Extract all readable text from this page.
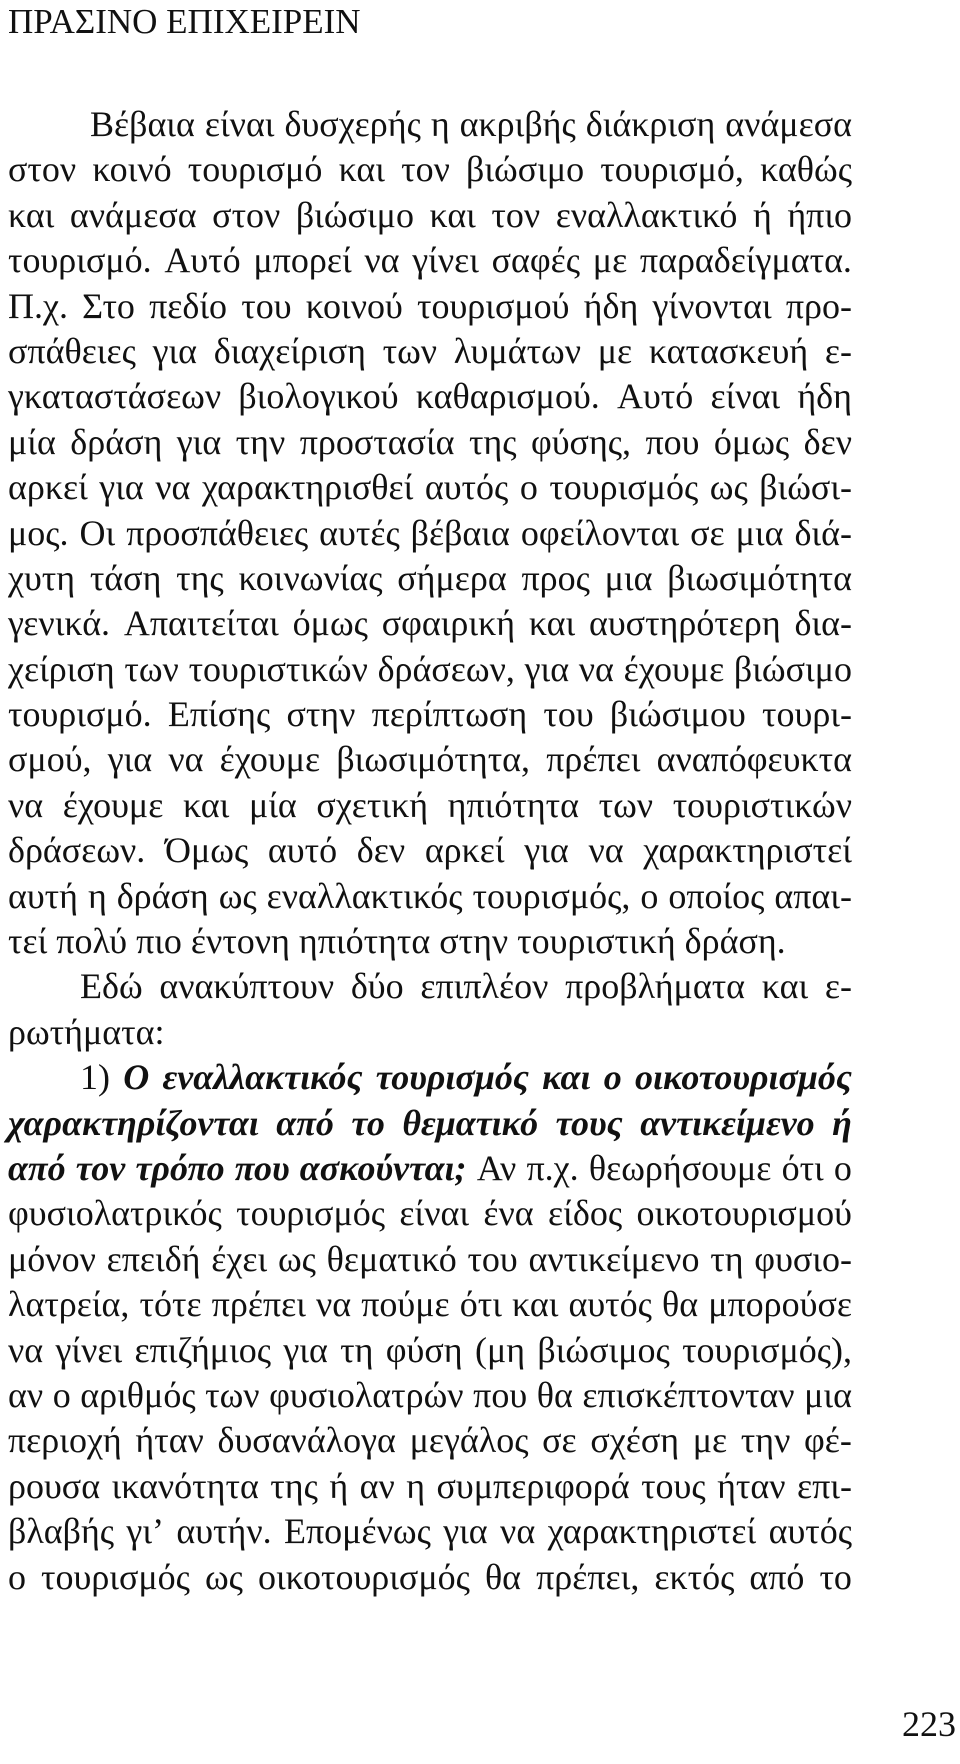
ΠΡΑΣΙΝΟ ΕΠΙΧΕΙΡΕΙΝ
Βέβαια είναι δυσχερής η ακριβής διάκριση ανάμεσα
στον κοινό τουρισμό και τον βιώσιμο τουρισμό, καθώς
και ανάμεσα στον βιώσιμο και τον εναλλακτικό ή ήπιο
τουρισμό. Αυτό μπορεί να γίνει σαφές με παραδείγματα.
Π.χ. Στο πεδίο του κοινού τουρισμού ήδη γίνονται προ-
σπάθειες για διαχείριση των λυμάτων με κατασκευή ε-
γκαταστάσεων βιολογικού καθαρισμού. Αυτό είναι ήδη
μία δράση για την προστασία της φύσης, που όμως δεν
αρκεί για να χαρακτηρισθεί αυτός ο τουρισμός ως βιώσι-
μος. Οι προσπάθειες αυτές βέβαια οφείλονται σε μια διά-
χυτη τάση της κοινωνίας σήμερα προς μια βιωσιμότητα
γενικά. Απαιτείται όμως σφαιρική και αυστηρότερη δια-
χείριση των τουριστικών δράσεων, για να έχουμε βιώσιμο
τουρισμό. Επίσης στην περίπτωση του βιώσιμου τουρι-
σμού, για να έχουμε βιωσιμότητα, πρέπει αναπόφευκτα
να έχουμε και μία σχετική ηπιότητα των τουριστικών
δράσεων. Όμως αυτό δεν αρκεί για να χαρακτηριστεί
αυτή η δράση ως εναλλακτικός τουρισμός, ο οποίος απαι-
τεί πολύ πιο έντονη ηπιότητα στην τουριστική δράση.
Εδώ ανακύπτουν δύο επιπλέον προβλήματα και ε-
ρωτήματα:
1) Ο εναλλακτικός τουρισμός και ο οικοτουρισμός
χαρακτηρίζονται από το θεματικό τους αντικείμενο ή
από τον τρόπο που ασκούνται; Αν π.χ. θεωρήσουμε ότι ο
φυσιολατρικός τουρισμός είναι ένα είδος οικοτουρισμού
μόνον επειδή έχει ως θεματικό του αντικείμενο τη φυσιο-
λατρεία, τότε πρέπει να πούμε ότι και αυτός θα μπορούσε
να γίνει επιζήμιος για τη φύση (μη βιώσιμος τουρισμός),
αν ο αριθμός των φυσιολατρών που θα επισκέπτονταν μια
περιοχή ήταν δυσανάλογα μεγάλος σε σχέση με την φέ-
ρουσα ικανότητα της ή αν η συμπεριφορά τους ήταν επι-
βλαβής γι’ αυτήν. Επομένως για να χαρακτηριστεί αυτός
ο τουρισμός ως οικοτουρισμός θα πρέπει, εκτός από το

223
